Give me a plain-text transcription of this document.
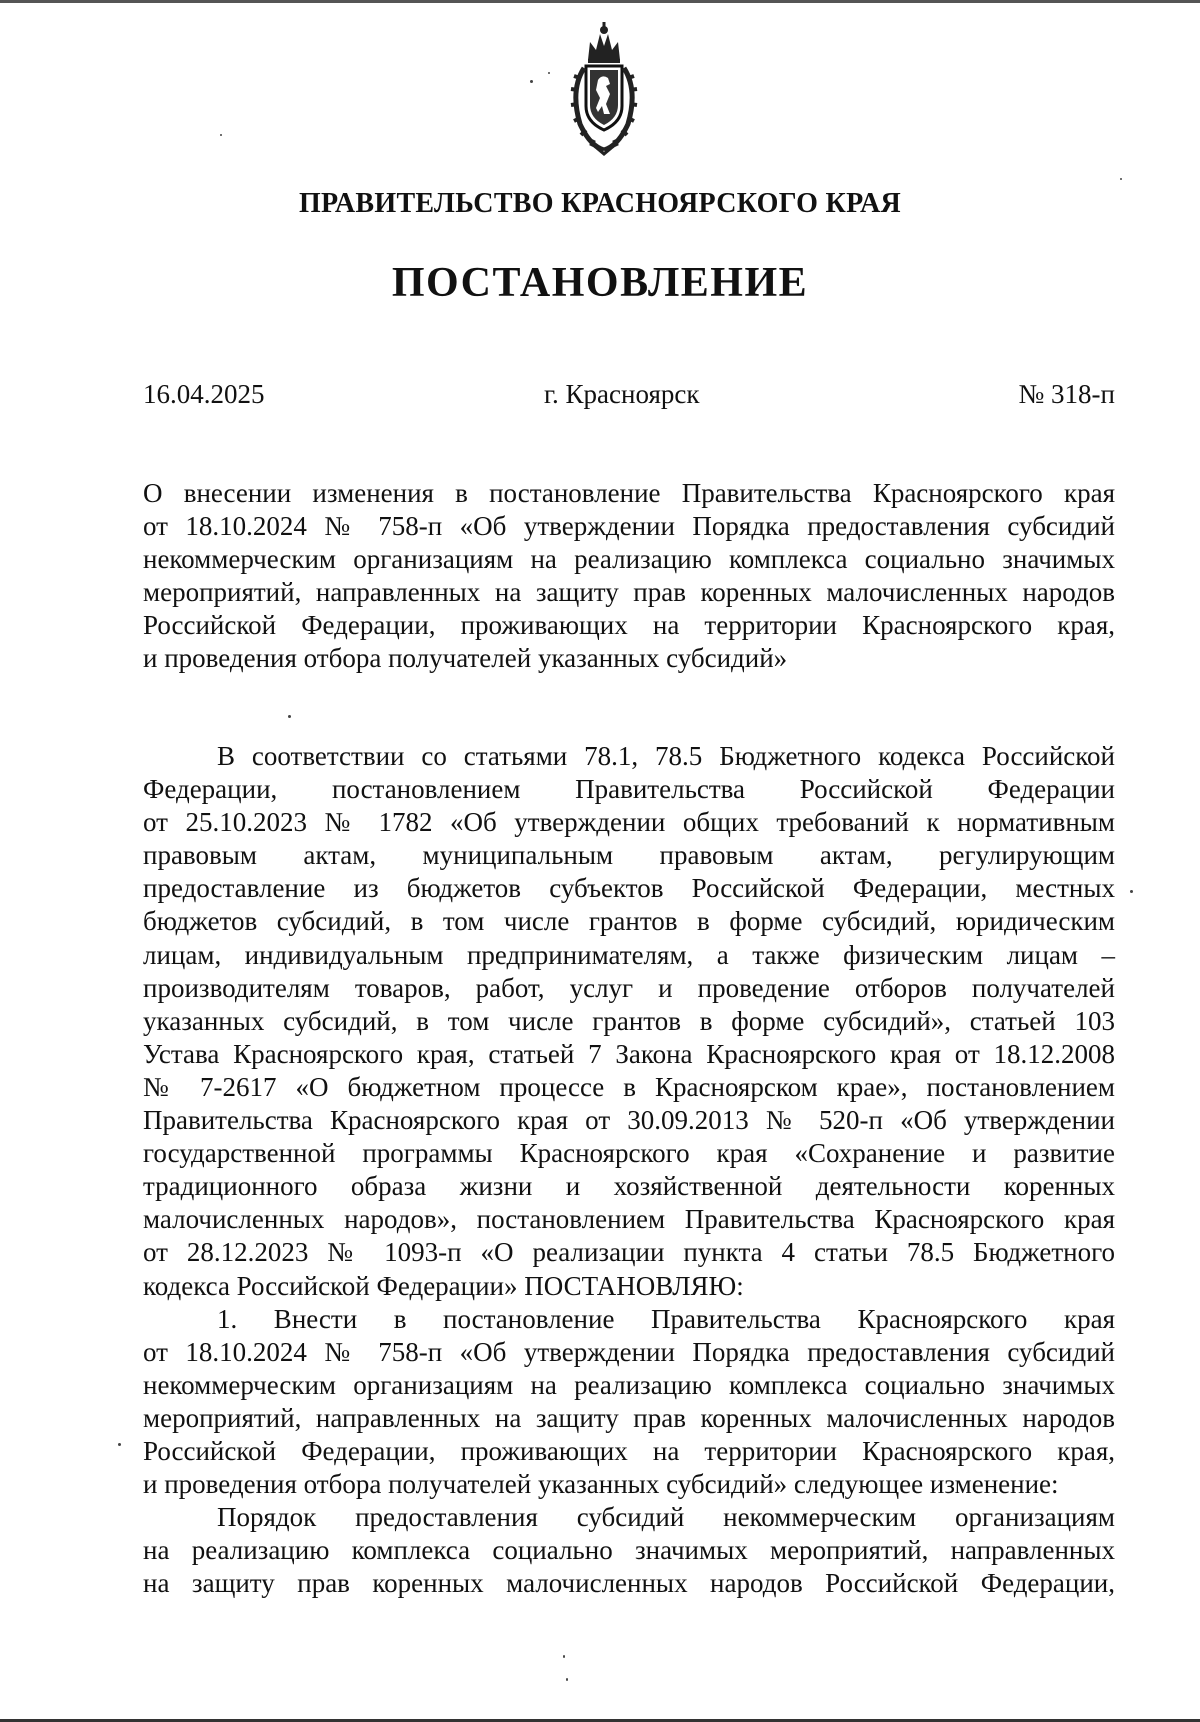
ПРАВИТЕЛЬСТВО КРАСНОЯРСКОГО КРАЯ
ПОСТАНОВЛЕНИЕ
16.04.2025	г. Красноярск	№ 318-п
О внесении изменения в постановление Правительства Красноярского края
от 18.10.2024 № 758-п «Об утверждении Порядка предоставления субсидий
некоммерческим организациям на реализацию комплекса социально значимых
мероприятий, направленных на защиту прав коренных малочисленных народов
Российской Федерации, проживающих на территории Красноярского края,
и проведения отбора получателей указанных субсидий»
В соответствии со статьями 78.1, 78.5 Бюджетного кодекса Российской
Федерации, постановлением Правительства Российской Федерации
от 25.10.2023 № 1782 «Об утверждении общих требований к нормативным
правовым актам, муниципальным правовым актам, регулирующим
предоставление из бюджетов субъектов Российской Федерации, местных
бюджетов субсидий, в том числе грантов в форме субсидий, юридическим
лицам, индивидуальным предпринимателям, а также физическим лицам –
производителям товаров, работ, услуг и проведение отборов получателей
указанных субсидий, в том числе грантов в форме субсидий», статьей 103
Устава Красноярского края, статьей 7 Закона Красноярского края от 18.12.2008
№ 7-2617 «О бюджетном процессе в Красноярском крае», постановлением
Правительства Красноярского края от 30.09.2013 № 520-п «Об утверждении
государственной программы Красноярского края «Сохранение и развитие
традиционного образа жизни и хозяйственной деятельности коренных
малочисленных народов», постановлением Правительства Красноярского края
от 28.12.2023 № 1093-п «О реализации пункта 4 статьи 78.5 Бюджетного
кодекса Российской Федерации» ПОСТАНОВЛЯЮ:
1. Внести в постановление Правительства Красноярского края
от 18.10.2024 № 758-п «Об утверждении Порядка предоставления субсидий
некоммерческим организациям на реализацию комплекса социально значимых
мероприятий, направленных на защиту прав коренных малочисленных народов
Российской Федерации, проживающих на территории Красноярского края,
и проведения отбора получателей указанных субсидий» следующее изменение:
Порядок предоставления субсидий некоммерческим организациям
на реализацию комплекса социально значимых мероприятий, направленных
на защиту прав коренных малочисленных народов Российской Федерации,
